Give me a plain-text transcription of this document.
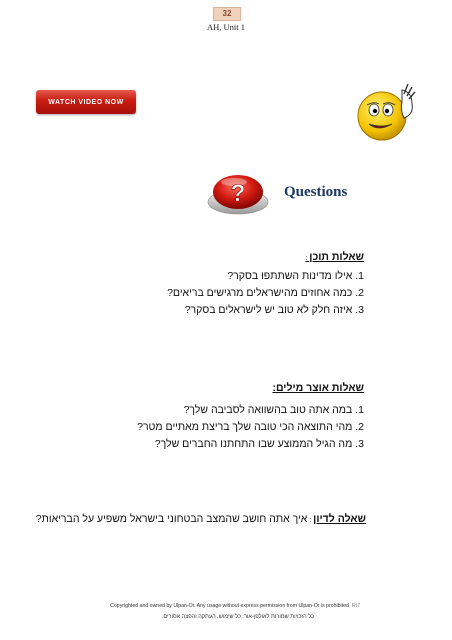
32
AH, Unit 1
WATCH VIDEO NOW
?	Questions
שאלות תוכן :
1. אילו מדינות השתתפו בסקר?
2. כמה אחוזים מהישראלים מרגישים בריאים?
3. איזה חלק לא טוב יש לישראלים בסקר?
שאלות אוצר מילים:
1. במה אתה טוב בהשוואה לסביבה שלך?
2. מהי התוצאה הכי טובה שלך בריצת מאתיים מטר?
3. מה הגיל הממוצע שבו התחתנו החברים שלך?
שאלה לדיון : איך אתה חושב שהמצב הבטחוני בישראל משפיע על הבריאות?
Copyrighted and owned by Ulpan-Or. Any usage without express permission from Ulpan-Or is prohibited RI7
כל הזכויות שמורות לאולפן-אור. כל שימוש, העתקה והפצה אסורים.
